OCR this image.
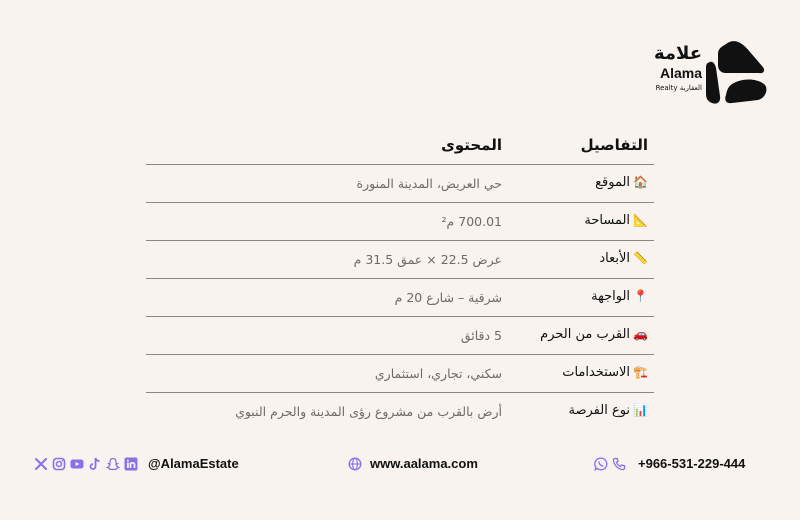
علامة
Alama
Realty العقارية
التفاصيل
المحتوى
🏠الموقع
حي العريض، المدينة المنورة
📐المساحة
700.01 م²
📏الأبعاد
عرض 22.5 × عمق 31.5 م
📍الواجهة
شرقية – شارع 20 م
🚗القرب من الحرم
5 دقائق
🏗️الاستخدامات
سكني، تجاري، استثماري
📊نوع الفرصة
أرض بالقرب من مشروع رؤى المدينة والحرم النبوي
@AlamaEstate	www.aalama.com	+966-531-229-444
